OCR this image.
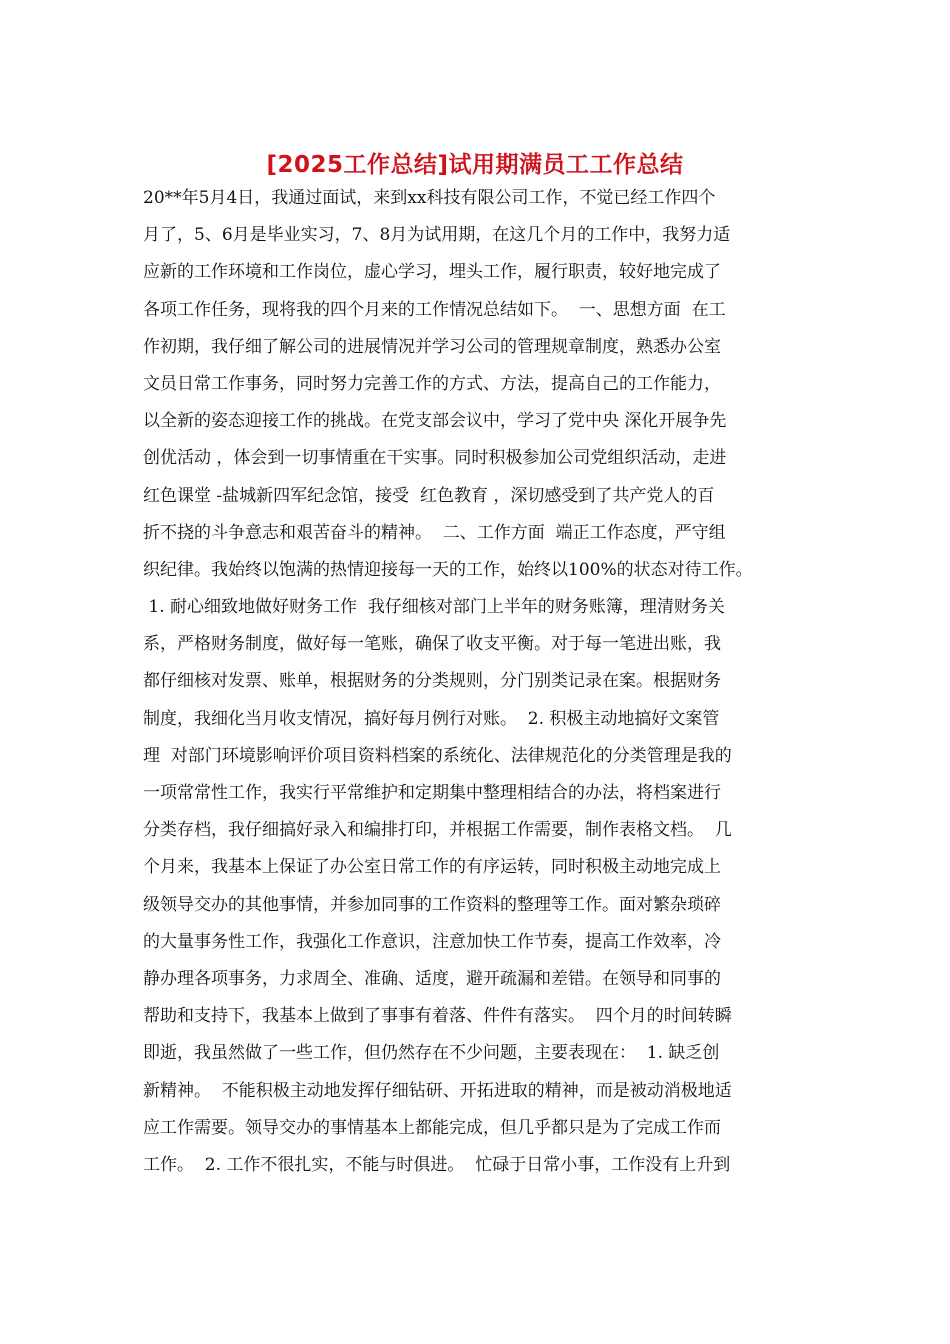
[2025工作总结]试用期满员工工作总结
20**年5月4日，我通过面试，来到xx科技有限公司工作，不觉已经工作四个
月了，5、6月是毕业实习，7、8月为试用期，在这几个月的工作中，我努力适
应新的工作环境和工作岗位，虚心学习，埋头工作，履行职责，较好地完成了
各项工作任务，现将我的四个月来的工作情况总结如下。  一、思想方面  在工
作初期，我仔细了解公司的进展情况并学习公司的管理规章制度，熟悉办公室
文员日常工作事务，同时努力完善工作的方式、方法，提高自己的工作能力，
以全新的姿态迎接工作的挑战。在党支部会议中，学习了党中央 深化开展争先
创优活动 ，体会到一切事情重在干实事。同时积极参加公司党组织活动，走进
红色课堂 -盐城新四军纪念馆，接受  红色教育 ，深切感受到了共产党人的百
折不挠的斗争意志和艰苦奋斗的精神。  二、工作方面  端正工作态度，严守组
织纪律。我始终以饱满的热情迎接每一天的工作，始终以100%的状态对待工作。
1. 耐心细致地做好财务工作  我仔细核对部门上半年的财务账簿，理清财务关
系，严格财务制度，做好每一笔账，确保了收支平衡。对于每一笔进出账，我
都仔细核对发票、账单，根据财务的分类规则，分门别类记录在案。根据财务
制度，我细化当月收支情况，搞好每月例行对账。  2. 积极主动地搞好文案管
理  对部门环境影响评价项目资料档案的系统化、法律规范化的分类管理是我的
一项常常性工作，我实行平常维护和定期集中整理相结合的办法，将档案进行
分类存档，我仔细搞好录入和编排打印，并根据工作需要，制作表格文档。  几
个月来，我基本上保证了办公室日常工作的有序运转，同时积极主动地完成上
级领导交办的其他事情，并参加同事的工作资料的整理等工作。面对繁杂琐碎
的大量事务性工作，我强化工作意识，注意加快工作节奏，提高工作效率，冷
静办理各项事务，力求周全、准确、适度，避开疏漏和差错。在领导和同事的
帮助和支持下，我基本上做到了事事有着落、件件有落实。  四个月的时间转瞬
即逝，我虽然做了一些工作，但仍然存在不少问题，主要表现在：  1. 缺乏创
新精神。  不能积极主动地发挥仔细钻研、开拓进取的精神，而是被动消极地适
应工作需要。领导交办的事情基本上都能完成，但几乎都只是为了完成工作而
工作。  2. 工作不很扎实，不能与时俱进。  忙碌于日常小事，工作没有上升到
